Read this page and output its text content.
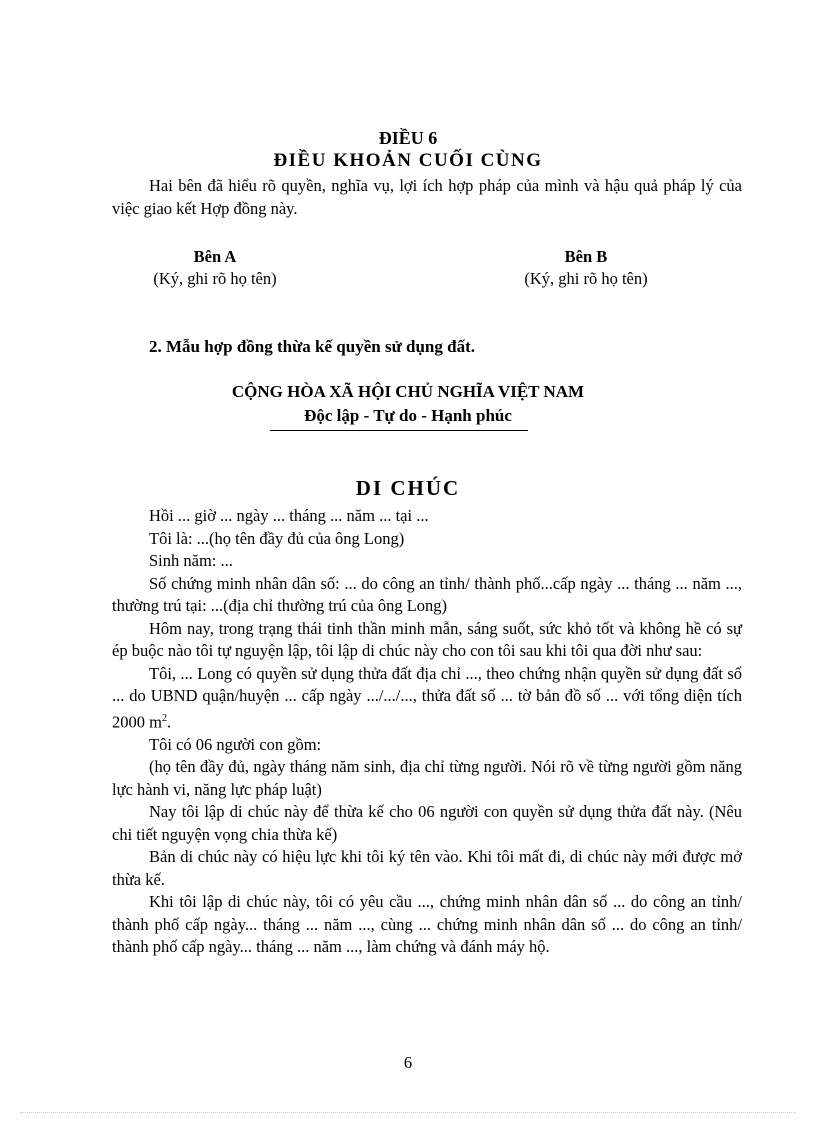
ĐIỀU 6
ĐIỀU KHOẢN CUỐI CÙNG

Hai bên đã hiểu rõ quyền, nghĩa vụ, lợi ích hợp pháp của mình và hậu quả pháp lý của việc giao kết Hợp đồng này.

Bên A
(Ký, ghi rõ họ tên)
Bên B
(Ký, ghi rõ họ tên)
2. Mẫu hợp đồng thừa kế quyền sử dụng đất.
CỘNG HÒA XÃ HỘI CHỦ NGHĨA VIỆT NAM
Độc lập - Tự do - Hạnh phúc
DI CHÚC

Hồi ... giờ ... ngày ... tháng ... năm ... tại ...

Tôi là: ...(họ tên đầy đủ của ông Long)

Sinh năm: ...

Số chứng minh nhân dân số: ... do công an tỉnh/ thành phố...cấp ngày ... tháng ... năm ..., thường trú tại: ...(địa chỉ thường trú của ông Long)

Hôm nay, trong trạng thái tinh thần minh mẫn, sáng suốt, sức khỏ tốt và không hề có sự ép buộc nào tôi tự nguyện lập, tôi lập di chúc này cho con tôi sau khi tôi qua đời như sau:

Tôi, ... Long có quyền sử dụng thửa đất địa chỉ ..., theo chứng nhận quyền sử dụng đất số ... do UBND quận/huyện ... cấp ngày .../.../..., thửa đất số ... tờ bản đồ số ... với tổng diện tích 2000 $m^2$.

Tôi có 06 người con gồm:

(họ tên đầy đủ, ngày tháng năm sinh, địa chỉ từng người. Nói rõ về từng người gồm năng lực hành vi, năng lực pháp luật)

Nay tôi lập di chúc này để thừa kế cho 06 người con quyền sử dụng thửa đất này. (Nêu chi tiết nguyện vọng chia thừa kế)

Bản di chúc này có hiệu lực khi tôi ký tên vào. Khi tôi mất đi, di chúc này mới được mở thừa kế.

Khi tôi lập di chúc này, tôi có yêu cầu ..., chứng minh nhân dân số ... do công an tỉnh/ thành phố cấp ngày... tháng ... năm ..., cùng ... chứng minh nhân dân số ... do công an tỉnh/ thành phố cấp ngày... tháng ... năm ..., làm chứng và đánh máy hộ.

6
